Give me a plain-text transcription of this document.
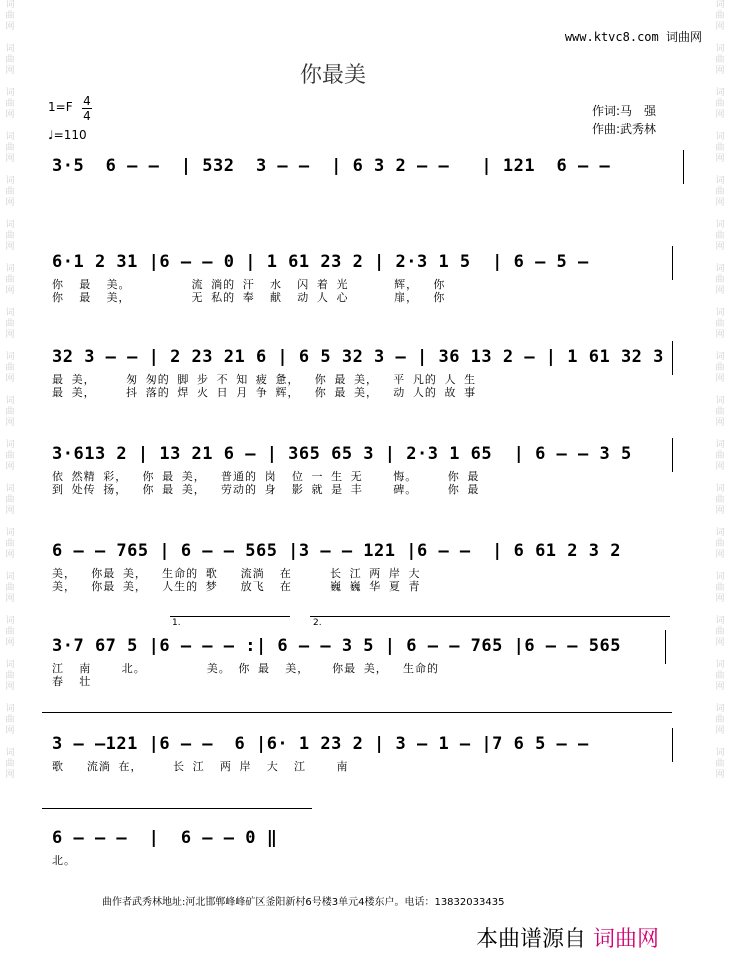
词曲网

词曲网

词曲网

词曲网

词曲网

词曲网

词曲网

词曲网

词曲网

词曲网

词曲网

词曲网

词曲网

词曲网

词曲网

词曲网

词曲网

词曲网
词曲网

词曲网

词曲网

词曲网

词曲网

词曲网

词曲网

词曲网

词曲网

词曲网

词曲网

词曲网

词曲网

词曲网

词曲网

词曲网

词曲网

词曲网
www.ktvc8.com 词曲网
你最美
1=F 4
4
♩=110
作词:马　强
作曲:武秀林
3·5  6 – –  | 532  3 – –  | 6 3 2 – –   | 121  6 – –
6·1 2 31 |6 – – 0 | 1 61 23 2 | 2·3 1 5  | 6 – 5 –
你  最  美。        流 淌的 汗  水  闪 着 光      辉，  你
你  最  美，        无 私的 奉  献  动 人 心      扉，  你
32 3 – – | 2 23 21 6 | 6 5 32 3 – | 36 13 2 – | 1 61 32 3
最 美，    匆 匆的 脚 步 不 知 疲 惫，  你 最 美，  平 凡的 人 生
最 美，    抖 落的 焊 火 日 月 争 辉，  你 最 美，  动 人的 故 事
3·613 2 | 13 21 6 – | 365 65 3 | 2·3 1 65  | 6 – – 3 5
依 然精 彩，  你 最 美，  普通的 岗  位 一 生 无    悔。    你 最
到 处传 扬，  你 最 美，  劳动的 身  影 就 是 丰    碑。    你 最
6 – – 765 | 6 – – 565 |3 – – 121 |6 – –  | 6 61 2 3 2
美，  你最 美，  生命的 歌   流淌  在     长 江 两 岸 大
美，  你最 美，  人生的 梦   放飞  在     巍 巍 华 夏 青
1.	2.
3·7 67 5 |6 – – – :| 6 – – 3 5 | 6 – – 765 |6 – – 565
江  南    北。        美。 你 最  美，   你最 美，  生命的
春  壮
3 – –121 |6 – –  6 |6· 1 23 2 | 3 – 1 – |7 6 5 – –
歌   流淌 在，    长 江  两 岸  大  江    南
6 – – –  |  6 – – 0 ‖
北。
曲作者武秀林地址:河北邯郸峰峰矿区釜阳新村6号楼3单元4楼东户。电话：13832033435
本曲谱源自 词曲网
